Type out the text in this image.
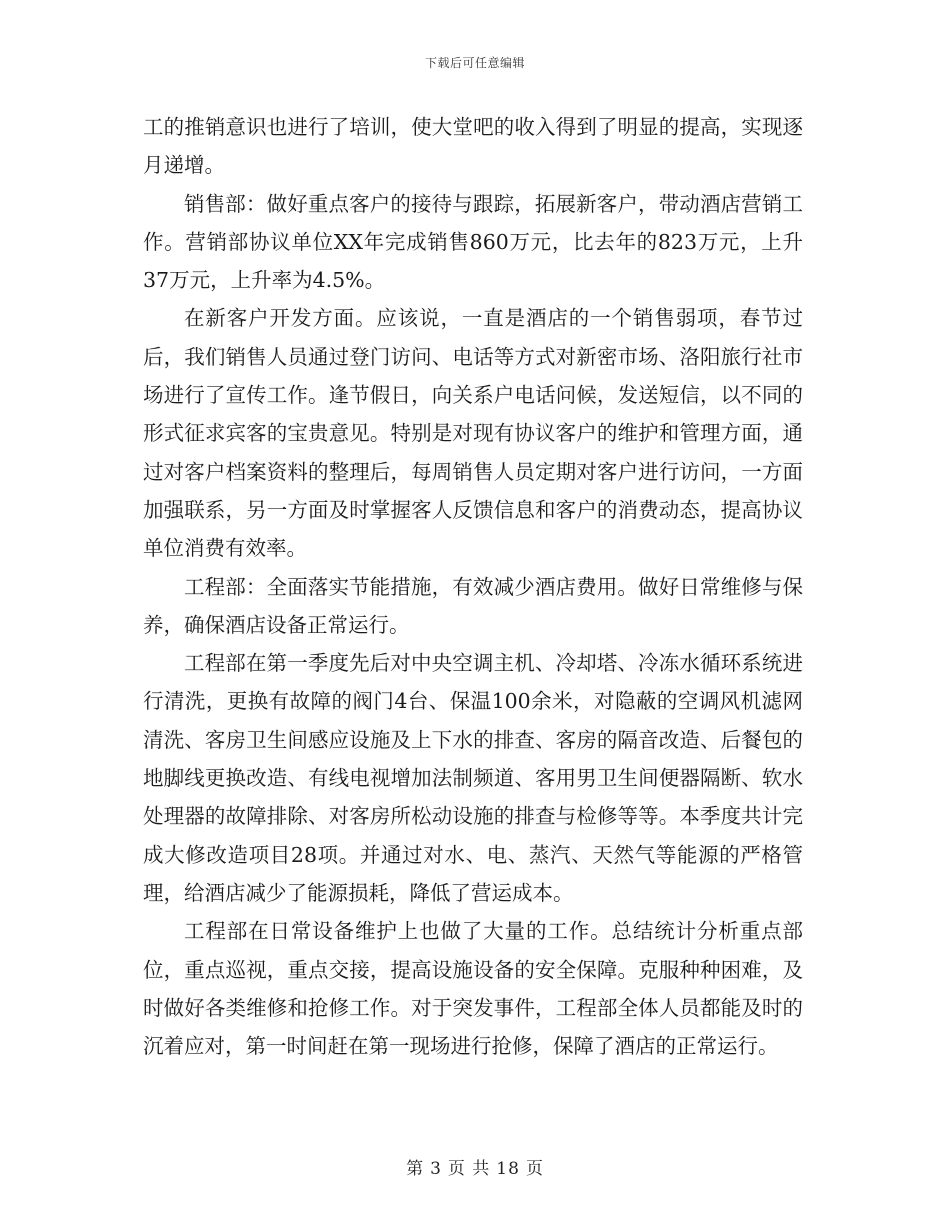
下载后可任意编辑

工的推销意识也进行了培训，使大堂吧的收入得到了明显的提高，实现逐月递增。

销售部：做好重点客户的接待与跟踪，拓展新客户，带动酒店营销工作。营销部协议单位XX年完成销售860万元，比去年的823万元，上升37万元，上升率为4.5%。

在新客户开发方面。应该说，一直是酒店的一个销售弱项，春节过后，我们销售人员通过登门访问、电话等方式对新密市场、洛阳旅行社市场进行了宣传工作。逢节假日，向关系户电话问候，发送短信，以不同的形式征求宾客的宝贵意见。特别是对现有协议客户的维护和管理方面，通过对客户档案资料的整理后，每周销售人员定期对客户进行访问，一方面加强联系，另一方面及时掌握客人反馈信息和客户的消费动态，提高协议单位消费有效率。

工程部：全面落实节能措施，有效减少酒店费用。做好日常维修与保养，确保酒店设备正常运行。

工程部在第一季度先后对中央空调主机、冷却塔、冷冻水循环系统进行清洗，更换有故障的阀门4台、保温100余米，对隐蔽的空调风机滤网清洗、客房卫生间感应设施及上下水的排查、客房的隔音改造、后餐包的地脚线更换改造、有线电视增加法制频道、客用男卫生间便器隔断、软水处理器的故障排除、对客房所松动设施的排查与检修等等。本季度共计完成大修改造项目28项。并通过对水、电、蒸汽、天然气等能源的严格管理，给酒店减少了能源损耗，降低了营运成本。

工程部在日常设备维护上也做了大量的工作。总结统计分析重点部位，重点巡视，重点交接，提高设施设备的安全保障。克服种种困难，及时做好各类维修和抢修工作。对于突发事件，工程部全体人员都能及时的沉着应对，第一时间赶在第一现场进行抢修，保障了酒店的正常运行。

第 3 页 共 18 页
